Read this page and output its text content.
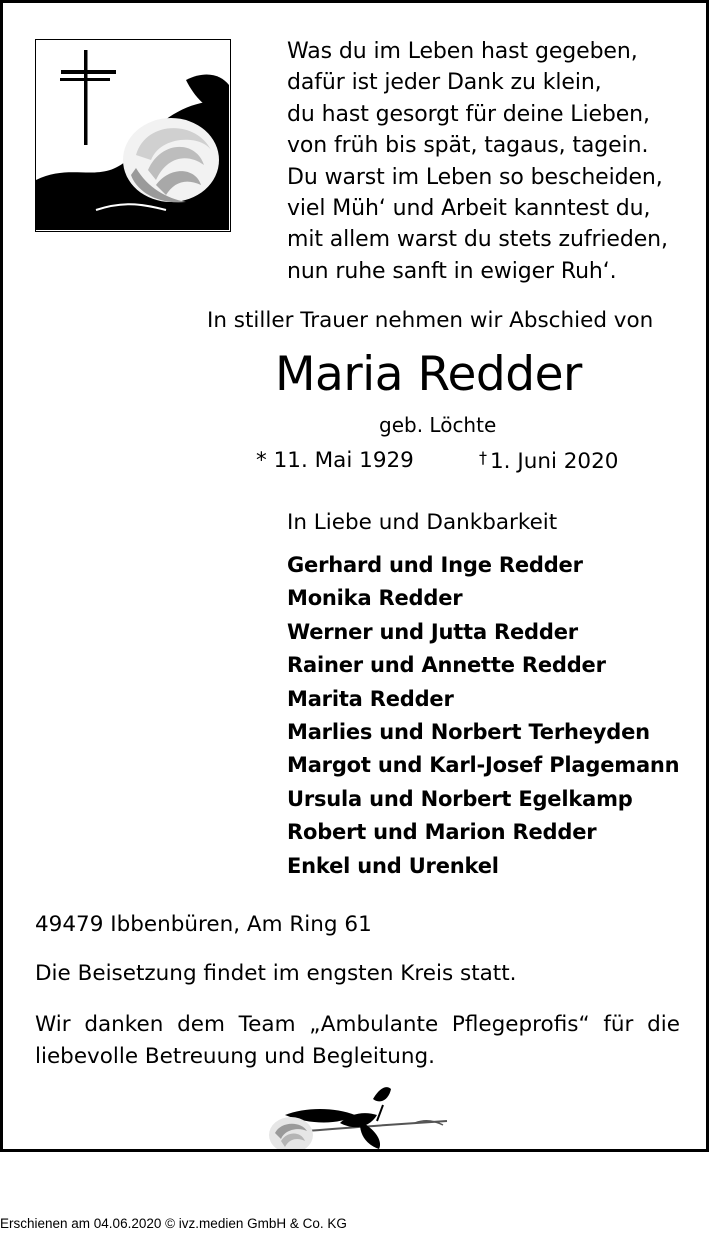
Was du im Leben hast gegeben,
dafür ist jeder Dank zu klein,
du hast gesorgt für deine Lieben,
von früh bis spät, tagaus, tagein.
Du warst im Leben so bescheiden,
viel Müh‘ und Arbeit kanntest du,
mit allem warst du stets zufrieden,
nun ruhe sanft in ewiger Ruh‘.
In stiller Trauer nehmen wir Abschied von
Maria Redder
geb. Löchte
* 11. Mai 1929	† 1. Juni 2020
In Liebe und Dankbarkeit
Gerhard und Inge Redder
Monika Redder
Werner und Jutta Redder
Rainer und Annette Redder
Marita Redder
Marlies und Norbert Terheyden
Margot und Karl-Josef Plagemann
Ursula und Norbert Egelkamp
Robert und Marion Redder
Enkel und Urenkel
49479 Ibbenbüren, Am Ring 61
Die Beisetzung findet im engsten Kreis statt.
Wir danken dem Team „Ambulante Pflegeprofis“ für die
liebevolle Betreuung und Begleitung.
Erschienen am 04.06.2020 © ivz.medien GmbH & Co. KG
